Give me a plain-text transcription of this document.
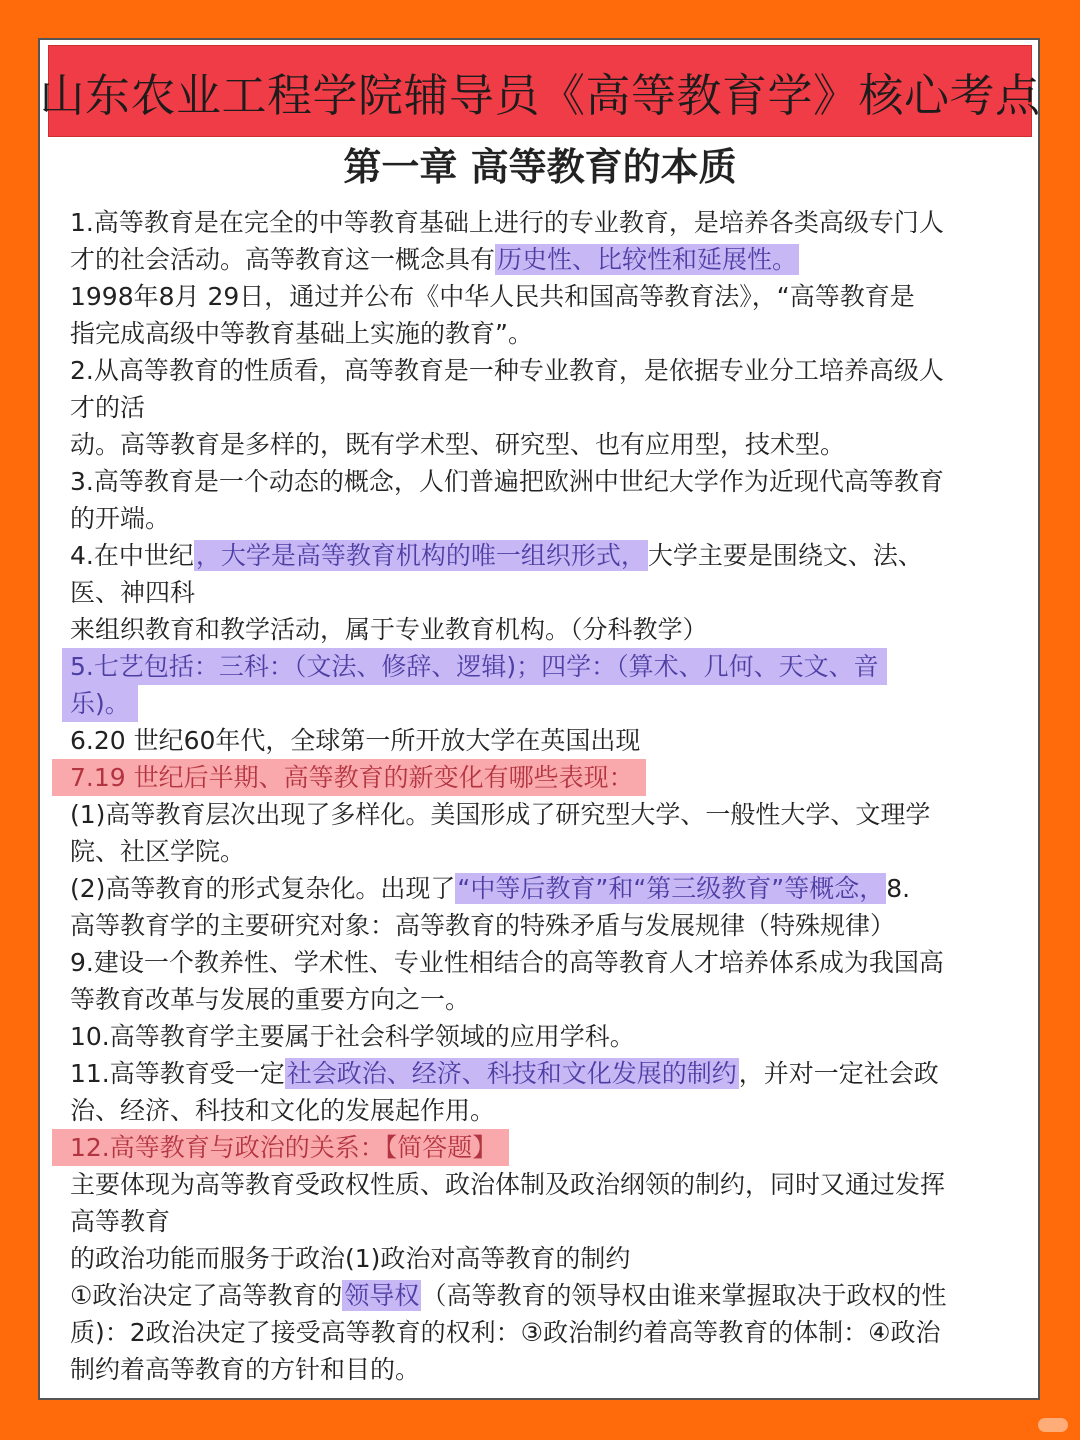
山东农业工程学院辅导员《高等教育学》核心考点
第一章 高等教育的本质
1.高等教育是在完全的中等教育基础上进行的专业教育，是培养各类高级专门人
才的社会活动。高等教育这一概念具有历史性、比较性和延展性。
1998年8月 29日，通过并公布《中华人民共和国高等教育法》，“高等教育是
指完成高级中等教育基础上实施的教育”。
2.从高等教育的性质看，高等教育是一种专业教育，是依据专业分工培养高级人
才的活
动。高等教育是多样的，既有学术型、研究型、也有应用型，技术型。
3.高等教育是一个动态的概念，人们普遍把欧洲中世纪大学作为近现代高等教育
的开端。
4.在中世纪，大学是高等教育机构的唯一组织形式，大学主要是围绕文、法、
医、神四科
来组织教育和教学活动，属于专业教育机构。（分科教学）
5.七艺包括：三科：（文法、修辞、逻辑)；四学：（算术、几何、天文、音
乐)。
6.20 世纪60年代，全球第一所开放大学在英国出现
7.19 世纪后半期、高等教育的新变化有哪些表现：
(1)高等教育层次出现了多样化。美国形成了研究型大学、一般性大学、文理学
院、社区学院。
(2)高等教育的形式复杂化。出现了“中等后教育”和“第三级教育”等概念，8.
高等教育学的主要研究对象：高等教育的特殊矛盾与发展规律（特殊规律）
9.建设一个教养性、学术性、专业性相结合的高等教育人才培养体系成为我国高
等教育改革与发展的重要方向之一。
10.高等教育学主要属于社会科学领域的应用学科。
11.高等教育受一定社会政治、经济、科技和文化发展的制约，并对一定社会政
治、经济、科技和文化的发展起作用。
12.高等教育与政治的关系：【简答题】
主要体现为高等教育受政权性质、政治体制及政治纲领的制约，同时又通过发挥
高等教育
的政治功能而服务于政治(1)政治对高等教育的制约
①政治决定了高等教育的领导权（高等教育的领导权由谁来掌握取决于政权的性
质)：2政治决定了接受高等教育的权利：③政治制约着高等教育的体制：④政治
制约着高等教育的方针和目的。
